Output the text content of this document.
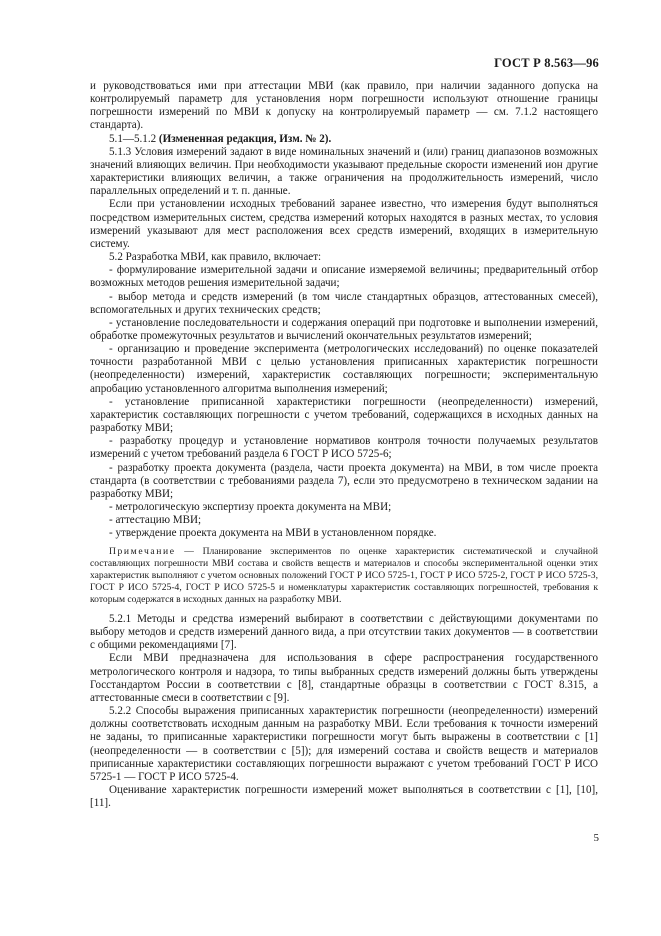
ГОСТ Р 8.563—96

и руководствоваться ими при аттестации МВИ (как правило, при наличии заданного допуска на контролируемый параметр для установления норм погрешности используют отношение границы погрешности измерений по МВИ к допуску на контролируемый параметр — см. 7.1.2 настоящего стандарта).

5.1—5.1.2 (Измененная редакция, Изм. № 2).

5.1.3 Условия измерений задают в виде номинальных значений и (или) границ диапазонов возможных значений влияющих величин. При необходимости указывают предельные скорости изменений ион другие характеристики влияющих величин, а также ограничения на продолжительность измерений, число параллельных определений и т. п. данные.

Если при установлении исходных требований заранее известно, что измерения будут выполняться посредством измерительных систем, средства измерений которых находятся в разных местах, то условия измерений указывают для мест расположения всех средств измерений, входящих в измерительную систему.

5.2 Разработка МВИ, как правило, включает:

- формулирование измерительной задачи и описание измеряемой величины; предварительный отбор возможных методов решения измерительной задачи;

- выбор метода и средств измерений (в том числе стандартных образцов, аттестованных смесей), вспомогательных и других технических средств;

- установление последовательности и содержания операций при подготовке и выполнении измерений, обработке промежуточных результатов и вычислений окончательных результатов измерений;

- организацию и проведение эксперимента (метрологических исследований) по оценке показателей точности разработанной МВИ с целью установления приписанных характеристик погрешности (неопределенности) измерений, характеристик составляющих погрешности; экспериментальную апробацию установленного алгоритма выполнения измерений;

- установление приписанной характеристики погрешности (неопределенности) измерений, характеристик составляющих погрешности с учетом требований, содержащихся в исходных данных на разработку МВИ;

- разработку процедур и установление нормативов контроля точности получаемых результатов измерений с учетом требований раздела 6 ГОСТ Р ИСО 5725-6;

- разработку проекта документа (раздела, части проекта документа) на МВИ, в том числе проекта стандарта (в соответствии с требованиями раздела 7), если это предусмотрено в техническом задании на разработку МВИ;

- метрологическую экспертизу проекта документа на МВИ;

- аттестацию МВИ;

- утверждение проекта документа на МВИ в установленном порядке.

Примечание — Планирование экспериментов по оценке характеристик систематической и случайной составляющих погрешности МВИ состава и свойств веществ и материалов и способы экспериментальной оценки этих характеристик выполняют с учетом основных положений ГОСТ Р ИСО 5725-1, ГОСТ Р ИСО 5725-2, ГОСТ Р ИСО 5725-3, ГОСТ Р ИСО 5725-4, ГОСТ Р ИСО 5725-5 и номенклатуры характеристик составляющих погрешностей, требования к которым содержатся в исходных данных на разработку МВИ.

5.2.1 Методы и средства измерений выбирают в соответствии с действующими документами по выбору методов и средств измерений данного вида, а при отсутствии таких документов — в соответствии с общими рекомендациями [7].

Если МВИ предназначена для использования в сфере распространения государственного метрологического контроля и надзора, то типы выбранных средств измерений должны быть утверждены Госстандартом России в соответствии с [8], стандартные образцы в соответствии с ГОСТ 8.315, а аттестованные смеси в соответствии с [9].

5.2.2 Способы выражения приписанных характеристик погрешности (неопределенности) измерений должны соответствовать исходным данным на разработку МВИ. Если требования к точности измерений не заданы, то приписанные характеристики погрешности могут быть выражены в соответствии с [1] (неопределенности — в соответствии с [5]); для измерений состава и свойств веществ и материалов приписанные характеристики составляющих погрешности выражают с учетом требований ГОСТ Р ИСО 5725-1 — ГОСТ Р ИСО 5725-4.

Оценивание характеристик погрешности измерений может выполняться в соответствии с [1], [10], [11].

5
